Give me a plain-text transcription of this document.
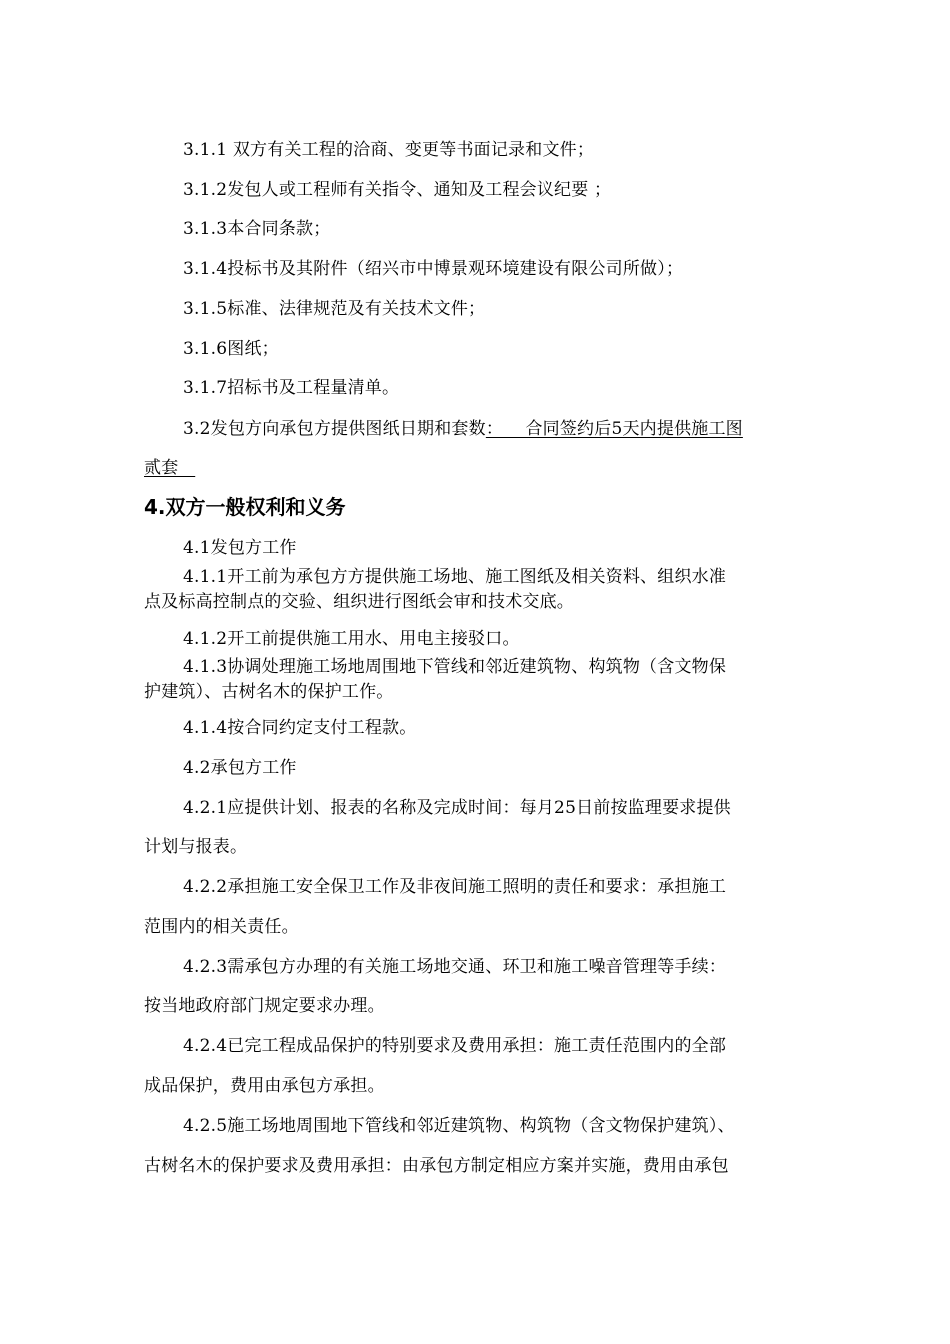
3.1.1 双方有关工程的洽商、变更等书面记录和文件；
3.1.2发包人或工程师有关指令、通知及工程会议纪要 ；
3.1.3本合同条款；
3.1.4投标书及其附件（绍兴市中博景观环境建设有限公司所做）；
3.1.5标准、法律规范及有关技术文件；
3.1.6图纸；
3.1.7招标书及工程量清单。
3.2发包方向承包方提供图纸日期和套数：    合同签约后5天内提供施工图
贰套
4.双方一般权利和义务
4.1发包方工作
4.1.1开工前为承包方方提供施工场地、施工图纸及相关资料、组织水准
点及标高控制点的交验、组织进行图纸会审和技术交底。
4.1.2开工前提供施工用水、用电主接驳口。
4.1.3协调处理施工场地周围地下管线和邻近建筑物、构筑物（含文物保
护建筑）、古树名木的保护工作。
4.1.4按合同约定支付工程款。
4.2承包方工作
4.2.1应提供计划、报表的名称及完成时间：每月25日前按监理要求提供
计划与报表。
4.2.2承担施工安全保卫工作及非夜间施工照明的责任和要求：承担施工
范围内的相关责任。
4.2.3需承包方办理的有关施工场地交通、环卫和施工噪音管理等手续：
按当地政府部门规定要求办理。
4.2.4已完工程成品保护的特别要求及费用承担：施工责任范围内的全部
成品保护，费用由承包方承担。
4.2.5施工场地周围地下管线和邻近建筑物、构筑物（含文物保护建筑）、
古树名木的保护要求及费用承担：由承包方制定相应方案并实施，费用由承包
